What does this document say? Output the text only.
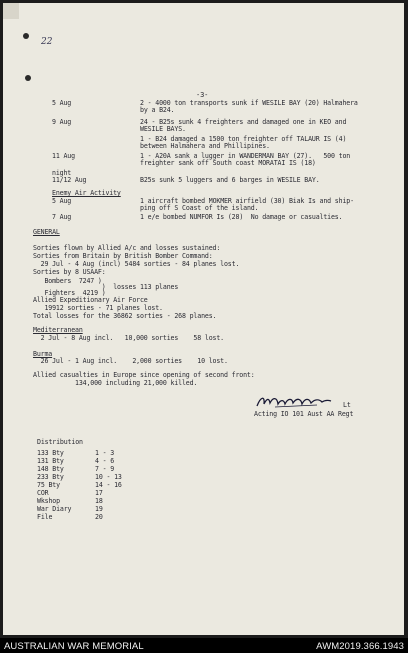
22
-3-
5 Aug	2 - 4000 ton transports sunk if WESILE BAY (20) Halmahera
by a B24.
9 Aug	24 - B25s sunk 4 freighters and damaged one in KEO and
WESILE BAYS.
1 - B24 damaged a 1500 ton freighter off TALAUR IS (4)
between Halmahera and Phillipines.
11 Aug	1 - A20A sank a lugger in WANDERMAN BAY (27).   500 ton
freighter sank off South coast MORATAI IS (18)
night
11/12 Aug	B25s sunk 5 luggers and 6 barges in WESILE BAY.
Enemy Air Activity
5 Aug	1 aircraft bombed MOKMER airfield (30) Biak Is and ship-
ping off S Coast of the island.
7 Aug	1 e/e bombed NUMFOR Is (28)  No damage or casualties.
GENERAL
Sorties flown by Allied A/c and losses sustained:
Sorties from Britain by British Bomber Command:
29 Jul - 4 Aug (incl) 5484 sorties - 84 planes lost.
Sorties by 8 USAAF:
Bombers  7247 )
)  losses 113 planes
Fighters  4219 )
Allied Expeditionary Air Force
19912 sorties - 71 planes lost.
Total losses for the 36862 sorties - 268 planes.
Mediterranean
2 Jul - 8 Aug incl.   10,000 sorties    58 lost.
Burma
26 Jul - 1 Aug incl.    2,000 sorties    10 lost.
Allied casualties in Europe since opening of second front:
134,000 including 21,000 killed.
Lt
Acting IO 101 Aust AA Regt
Distribution
133 Bty	1 - 3
131 Bty	4 - 6
148 Bty	7 - 9
233 Bty	10 - 13
75 Bty	14 - 16
COR	17
Wkshop	18
War Diary	19
File	20
AUSTRALIAN WAR MEMORIAL	AWM2019.366.1943
